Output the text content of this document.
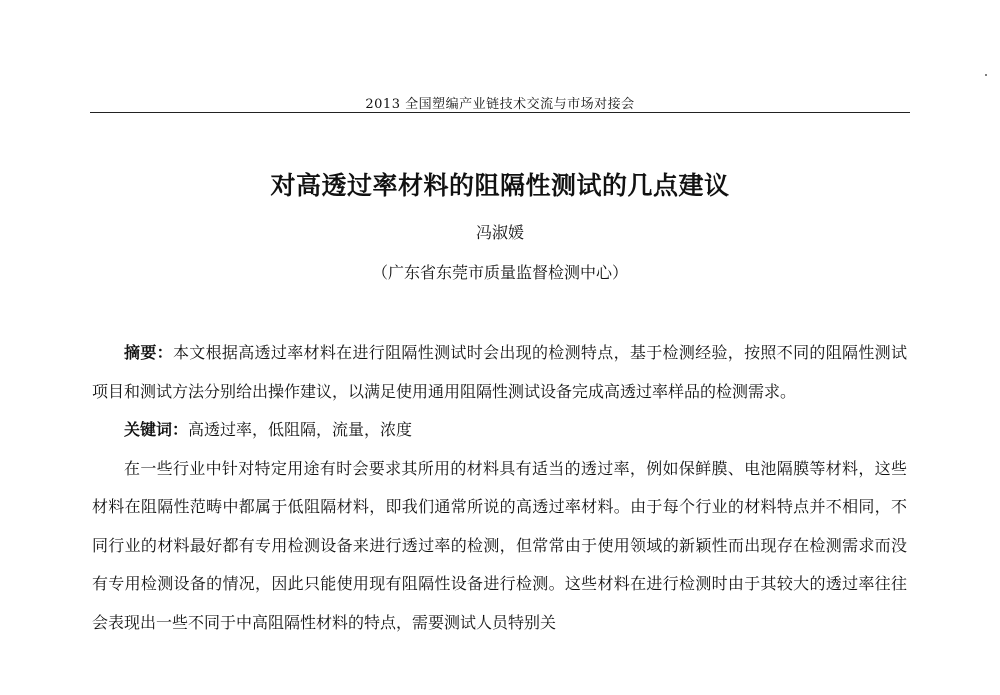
2013 全国塑编产业链技术交流与市场对接会
对高透过率材料的阻隔性测试的几点建议
冯淑媛
（广东省东莞市质量监督检测中心）

摘要：本文根据高透过率材料在进行阻隔性测试时会出现的检测特点，基于检测经验，按照不同的阻隔性测试项目和测试方法分别给出操作建议，以满足使用通用阻隔性测试设备完成高透过率样品的检测需求。

关键词：高透过率，低阻隔，流量，浓度

在一些行业中针对特定用途有时会要求其所用的材料具有适当的透过率，例如保鲜膜、电池隔膜等材料，这些材料在阻隔性范畴中都属于低阻隔材料，即我们通常所说的高透过率材料。由于每个行业的材料特点并不相同，不同行业的材料最好都有专用检测设备来进行透过率的检测，但常常由于使用领域的新颖性而出现存在检测需求而没有专用检测设备的情况，因此只能使用现有阻隔性设备进行检测。这些材料在进行检测时由于其较大的透过率往往会表现出一些不同于中高阻隔性材料的特点，需要测试人员特别关
